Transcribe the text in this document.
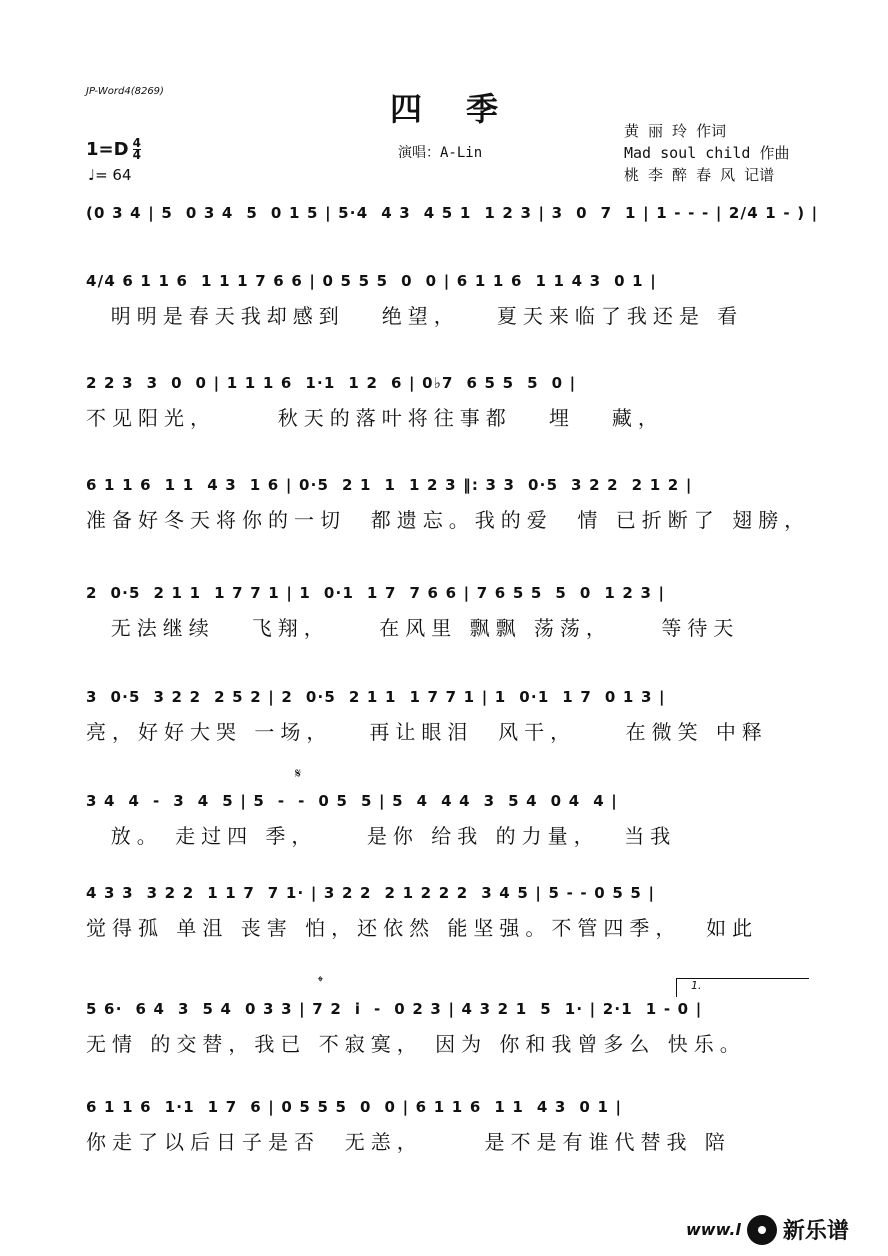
JP-Word4(8269)	四季
$1=D \frac{4}{4}$
♩= 64
演唱：A-Lin
黄 丽 玲 作词
Mad soul child 作曲
桃 李 醉 春 风 记谱
(0 3 4 | 5  0 3 4  5  0 1 5 | 5·4  4 3  4 5 1  1 2 3 | 3  0  7  1 | 1 - - - | 2/4 1 - ) |
4/4 6 1 1 6  1 1 1 7 6 6 | 0 5 5 5  0  0 | 6 1 1 6  1 1 4 3  0 1 |
明明是春天我却感到   绝望，   夏天来临了我还是 看
2 2 3  3  0  0 | 1 1 1 6  1·1  1 2  6 | 0♭7  6 5 5  5  0 |
不见阳光，     秋天的落叶将往事都   埋   藏，
6 1 1 6  1 1  4 3  1 6 | 0·5  2 1  1  1 2 3 ‖: 3 3  0·5  3 2 2  2 1 2 |
准备好冬天将你的一切  都遗忘。我的爱  情 已折断了 翅膀，
2  0·5  2 1 1  1 7 7 1 | 1  0·1  1 7  7 6 6 | 7 6 5 5  5  0  1 2 3 |
无法继续   飞翔，    在风里 飘飘 荡荡，    等待天
3  0·5  3 2 2  2 5 2 | 2  0·5  2 1 1  1 7 7 1 | 1  0·1  1 7  0 1 3 |
亮，好好大哭 一场，   再让眼泪  风干，    在微笑 中释
3 4  4  -  3  4  5 | 5  -  -  0 5  5 | 5  4  4 4  3  5 4  0 4  4 |
放。 走过四 季，    是你 给我 的力量，  当我
4 3 3  3 2 2  1 1 7  7 1· | 3 2 2  2 1 2 2 2  3 4 5 | 5 - - 0 5 5 |
觉得孤 单沮 丧害 怕，还依然 能坚强。不管四季，  如此
5 6·  6 4  3  5 4  0 3 3 | 7 2  i  -  0 2 3 | 4 3 2 1  5  1· | 2·1  1 - 0 |
无情 的交替，我已 不寂寞， 因为 你和我曾多么 快乐。
6 1 1 6  1·1  1 7  6 | 0 5 5 5  0  0 | 6 1 1 6  1 1  4 3  0 1 |
你走了以后日子是否  无恙，     是不是有谁代替我 陪
𝄋
𝄌	1.
www.l 新乐谱
